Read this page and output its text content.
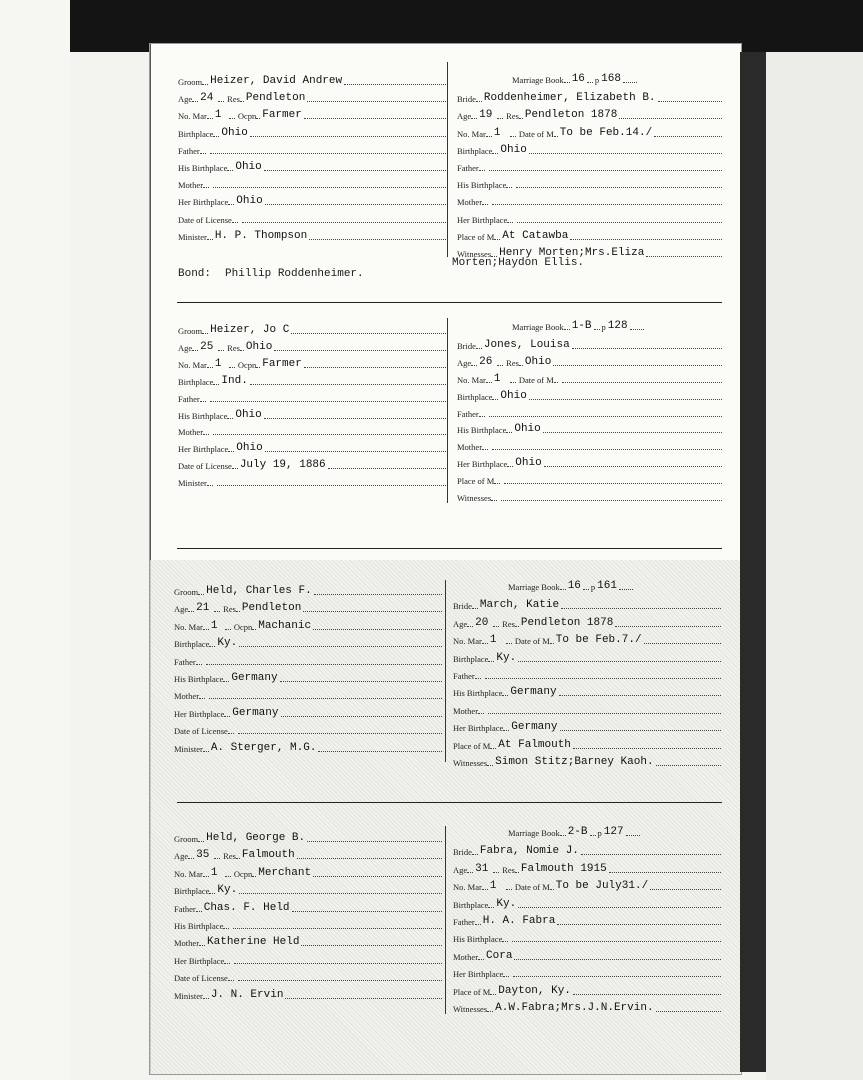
Groom Heizer, David Andrew
Age 24	Res Pendleton
No. Mar 1	Ocpn Farmer
Birthplace Ohio
Father
His Birthplace Ohio
Mother
Her Birthplace Ohio
Date of License
Minister H. P. Thompson
Marriage Book 16 p 168
Bride Roddenheimer, Elizabeth B.
Age 19	Res Pendleton 1878
No. Mar 1	Date of M To be Feb.14./
Birthplace Ohio
Father
His Birthplace
Mother
Her Birthplace
Place of M At Catawba
Witnesses Henry Morten;Mrs.Eliza
Morten;Haydon Ellis.
Bond: Phillip Roddenheimer.
Groom Heizer, Jo C
Age 25	Res Ohio
No. Mar 1	Ocpn Farmer
Birthplace Ind.
Father
His Birthplace Ohio
Mother
Her Birthplace Ohio
Date of License July 19, 1886
Minister
Marriage Book 1-B p 128
Bride Jones, Louisa
Age 26	Res Ohio
No. Mar 1	Date of M
Birthplace Ohio
Father
His Birthplace Ohio
Mother
Her Birthplace Ohio
Place of M
Witnesses
Groom Held, Charles F.
Age 21	Res Pendleton
No. Mar 1	Ocpn Machanic
Birthplace Ky.
Father
His Birthplace Germany
Mother
Her Birthplace Germany
Date of License
Minister A. Sterger, M.G.
Marriage Book 16 p 161
Bride March, Katie
Age 20	Res Pendleton 1878
No. Mar 1	Date of M To be Feb.7./
Birthplace Ky.
Father
His Birthplace Germany
Mother
Her Birthplace Germany
Place of M At Falmouth
Witnesses Simon Stitz;Barney Kaoh.
Groom Held, George B.
Age 35	Res Falmouth
No. Mar 1	Ocpn Merchant
Birthplace Ky.
Father Chas. F. Held
His Birthplace
Mother Katherine Held
Her Birthplace
Date of License
Minister J. N. Ervin
Marriage Book 2-B p 127
Bride Fabra, Nomie J.
Age 31	Res Falmouth 1915
No. Mar 1	Date of M To be July31./
Birthplace Ky.
Father H. A. Fabra
His Birthplace
Mother Cora
Her Birthplace
Place of M Dayton, Ky.
Witnesses A.W.Fabra;Mrs.J.N.Ervin.
